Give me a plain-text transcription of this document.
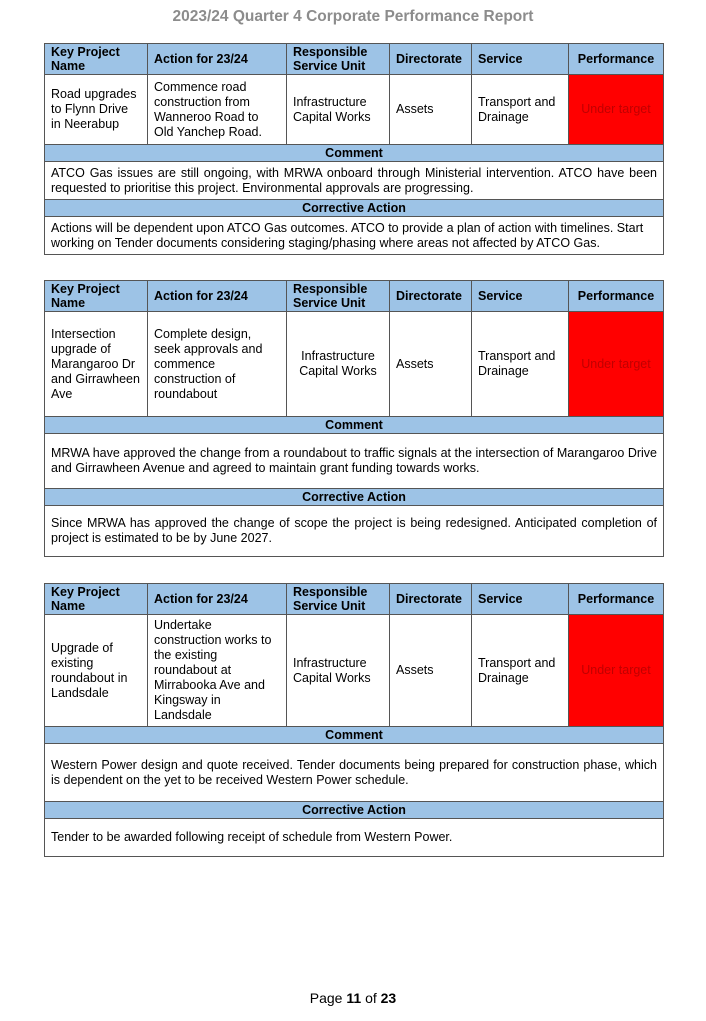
2023/24 Quarter 4 Corporate Performance Report
Key Project Name	Action for 23/24	Responsible Service Unit	Directorate	Service	Performance
Road upgrades to Flynn Drive in Neerabup	Commence road construction from Wanneroo Road to Old Yanchep Road.	Infrastructure Capital Works	Assets	Transport and Drainage	Under target
Comment					
ATCO Gas issues are still ongoing, with MRWA onboard through Ministerial intervention. ATCO have been requested to prioritise this project. Environmental approvals are progressing.					
Corrective Action					
Actions will be dependent upon ATCO Gas outcomes. ATCO to provide a plan of action with timelines. Start working on Tender documents considering staging/phasing where areas not affected by ATCO Gas.					
Key Project Name	Action for 23/24	Responsible Service Unit	Directorate	Service	Performance
Intersection upgrade of Marangaroo Dr and Girrawheen Ave	Complete design, seek approvals and commence construction of roundabout	Infrastructure Capital Works	Assets	Transport and Drainage	Under target
Comment					
MRWA have approved the change from a roundabout to traffic signals at the intersection of Marangaroo Drive and Girrawheen Avenue and agreed to maintain grant funding towards works.					
Corrective Action					
Since MRWA has approved the change of scope the project is being redesigned. Anticipated completion of project is estimated to be by June 2027.					
Key Project Name	Action for 23/24	Responsible Service Unit	Directorate	Service	Performance
Upgrade of existing roundabout in Landsdale	Undertake construction works to the existing roundabout at Mirrabooka Ave and Kingsway in Landsdale	Infrastructure Capital Works	Assets	Transport and Drainage	Under target
Comment					
Western Power design and quote received. Tender documents being prepared for construction phase, which is dependent on the yet to be received Western Power schedule.					
Corrective Action					
Tender to be awarded following receipt of schedule from Western Power.					
Page 11 of 23
